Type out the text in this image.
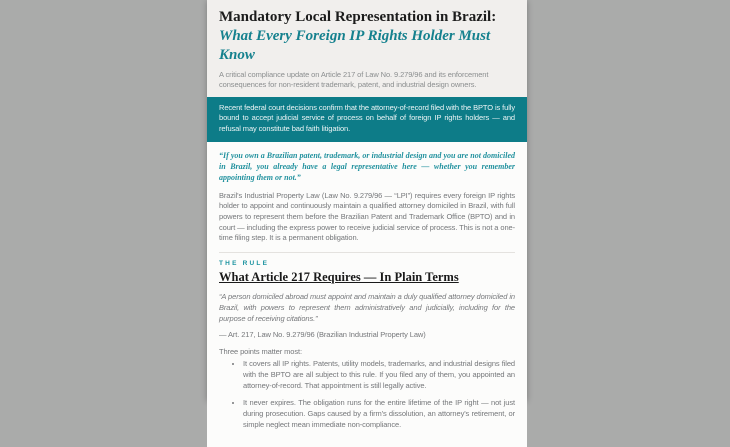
Mandatory Local Representation in Brazil:
What Every Foreign IP Rights Holder Must Know

A critical compliance update on Article 217 of Law No. 9.279/96 and its enforcement consequences for non-resident trademark, patent, and industrial design owners.

Recent federal court decisions confirm that the attorney-of-record filed with the BPTO is fully bound to accept judicial service of process on behalf of foreign IP rights holders — and refusal may constitute bad faith litigation.
“If you own a Brazilian patent, trademark, or industrial design and you are not domiciled in Brazil, you already have a legal representative here — whether you remember appointing them or not.”

Brazil's Industrial Property Law (Law No. 9.279/96 — “LPI”) requires every foreign IP rights holder to appoint and continuously maintain a qualified attorney domiciled in Brazil, with full powers to represent them before the Brazilian Patent and Trademark Office (BPTO) and in court — including the express power to receive judicial service of process. This is not a one-time filing step. It is a permanent obligation.

THE RULE

What Article 217 Requires — In Plain Terms
“A person domiciled abroad must appoint and maintain a duly qualified attorney domiciled in Brazil, with powers to represent them administratively and judicially, including for the purpose of receiving citations.”

— Art. 217, Law No. 9.279/96 (Brazilian Industrial Property Law)

Three points matter most:

• It covers all IP rights. Patents, utility models, trademarks, and industrial designs filed with the BPTO are all subject to this rule. If you filed any of them, you appointed an attorney-of-record. That appointment is still legally active.
• It never expires. The obligation runs for the entire lifetime of the IP right — not just during prosecution. Gaps caused by a firm's dissolution, an attorney's retirement, or simple neglect mean immediate non-compliance.
